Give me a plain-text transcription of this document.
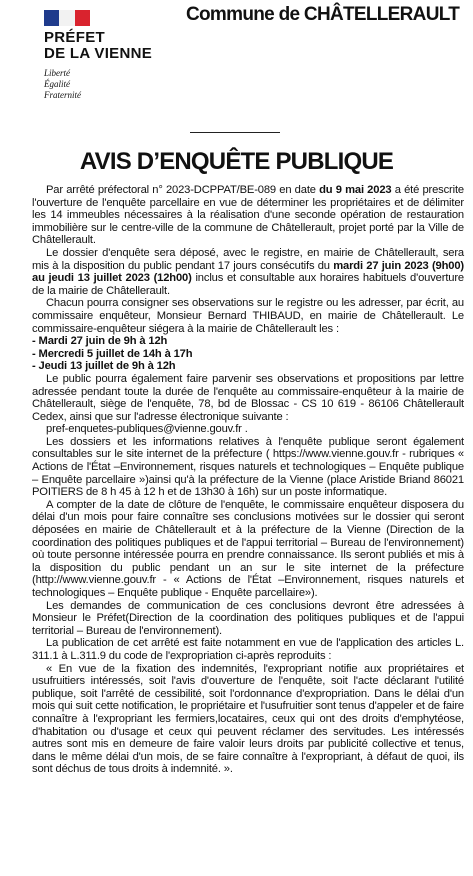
PRÉFET
DE LA VIENNE
Liberté
Égalité
Fraternité
Commune de CHÂTELLERAULT
AVIS D’ENQUÊTE PUBLIQUE

Par arrêté préfectoral n° 2023-DCPPAT/BE-089 en date du 9 mai 2023 a été prescrite l'ouverture de l'enquête parcellaire en vue de déterminer les propriétaires et de délimiter les 14 immeubles nécessaires à la réalisation d'une seconde opération de restauration immobilière sur le centre-ville de la commune de Châtellerault, projet porté par la Ville de Châtellerault.

Le dossier d'enquête sera déposé, avec le registre, en mairie de Châtellerault, sera mis à la disposition du public pendant 17 jours consécutifs du mardi 27 juin 2023 (9h00) au jeudi 13 juillet 2023 (12h00) inclus et consultable aux horaires habituels d'ouverture de la mairie de Châtellerault.

Chacun pourra consigner ses observations sur le registre ou les adresser, par écrit, au commissaire enquêteur, Monsieur Bernard THIBAUD, en mairie de Châtellerault. Le commissaire-enquêteur siégera à la mairie de Châtellerault les :

- Mardi 27 juin de 9h à 12h
- Mercredi 5 juillet de 14h à 17h
- Jeudi 13 juillet de 9h à 12h

Le public pourra également faire parvenir ses observations et propositions par lettre adressée pendant toute la durée de l'enquête au commissaire-enquêteur à la mairie de Châtellerault, siège de l'enquête, 78, bd de Blossac - CS 10 619 - 86106 Châtellerault Cedex, ainsi que sur l'adresse électronique suivante :

pref-enquetes-publiques@vienne.gouv.fr .

Les dossiers et les informations relatives à l'enquête publique seront également consultables sur le site internet de la préfecture ( https://www.vienne.gouv.fr - rubriques « Actions de l'État –Environnement, risques naturels et technologiques – Enquête publique – Enquête parcellaire »)ainsi qu'à la préfecture de la Vienne (place Aristide Briand 86021 POITIERS de 8 h 45 à 12 h et de 13h30 à 16h) sur un poste informatique.

A compter de la date de clôture de l'enquête, le commissaire enquêteur disposera du délai d'un mois pour faire connaître ses conclusions motivées sur le dossier qui seront déposées en mairie de Châtellerault et à la préfecture de la Vienne (Direction de la coordination des politiques publiques et de l'appui territorial – Bureau de l'environnement) où toute personne intéressée pourra en prendre connaissance. Ils seront publiés et mis à la disposition du public pendant un an sur le site internet de la préfecture (http://www.vienne.gouv.fr - « Actions de l'État –Environnement, risques naturels et technologiques – Enquête publique - Enquête parcellaire»).

Les demandes de communication de ces conclusions devront être adressées à Monsieur le Préfet(Direction de la coordination des politiques publiques et de l'appui territorial – Bureau de l'environnement).

La publication de cet arrêté est faite notamment en vue de l'application des articles L. 311.1 à L.311.9 du code de l'expropriation ci-après reproduits :

« En vue de la fixation des indemnités, l'expropriant notifie aux propriétaires et usufruitiers intéressés, soit l'avis d'ouverture de l'enquête, soit l'acte déclarant l'utilité publique, soit l'arrêté de cessibilité, soit l'ordonnance d'expropriation. Dans le délai d'un mois qui suit cette notification, le propriétaire et l'usufruitier sont tenus d'appeler et de faire connaître à l'expropriant les fermiers,locataires, ceux qui ont des droits d'emphytéose, d'habitation ou d'usage et ceux qui peuvent réclamer des servitudes. Les intéressés autres sont mis en demeure de faire valoir leurs droits par publicité collective et tenus, dans le même délai d'un mois, de se faire connaître à l'expropriant, à défaut de quoi, ils sont déchus de tous droits à indemnité. ».
